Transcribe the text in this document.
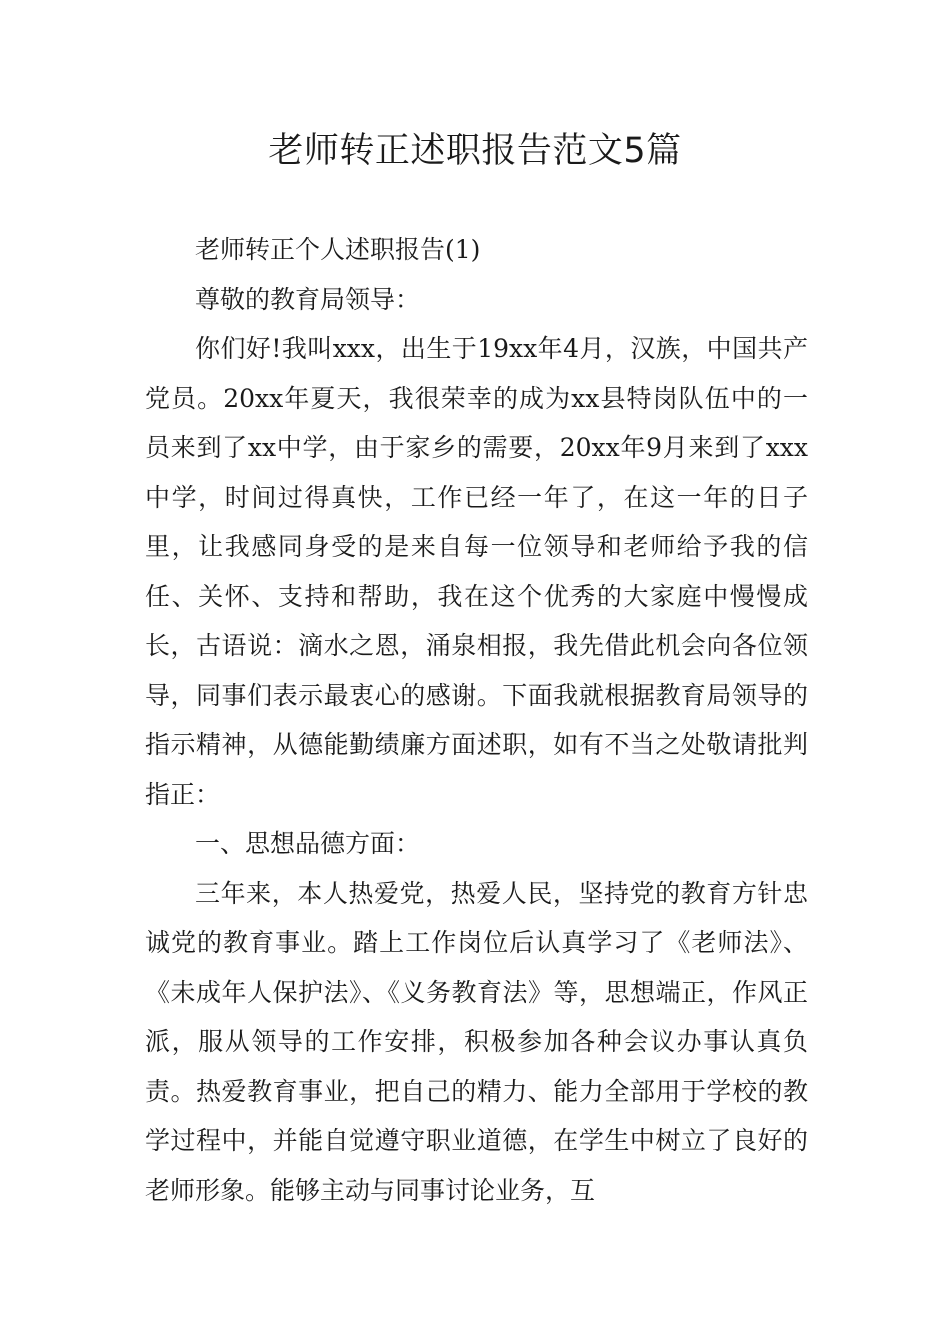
老师转正述职报告范文5篇

老师转正个人述职报告(1)

尊敬的教育局领导：

你们好!我叫xxx，出生于19xx年4月，汉族，中国共产党员。20xx年夏天，我很荣幸的成为xx县特岗队伍中的一员来到了xx中学，由于家乡的需要，20xx年9月来到了xxx中学，时间过得真快，工作已经一年了，在这一年的日子里，让我感同身受的是来自每一位领导和老师给予我的信任、关怀、支持和帮助，我在这个优秀的大家庭中慢慢成长，古语说：滴水之恩，涌泉相报，我先借此机会向各位领导，同事们表示最衷心的感谢。下面我就根据教育局领导的指示精神，从德能勤绩廉方面述职，如有不当之处敬请批判指正：

一、思想品德方面：

三年来，本人热爱党，热爱人民，坚持党的教育方针忠诚党的教育事业。踏上工作岗位后认真学习了《老师法》、《未成年人保护法》、《义务教育法》等，思想端正，作风正派，服从领导的工作安排，积极参加各种会议办事认真负责。热爱教育事业，把自己的精力、能力全部用于学校的教学过程中，并能自觉遵守职业道德，在学生中树立了良好的老师形象。能够主动与同事讨论业务，互
